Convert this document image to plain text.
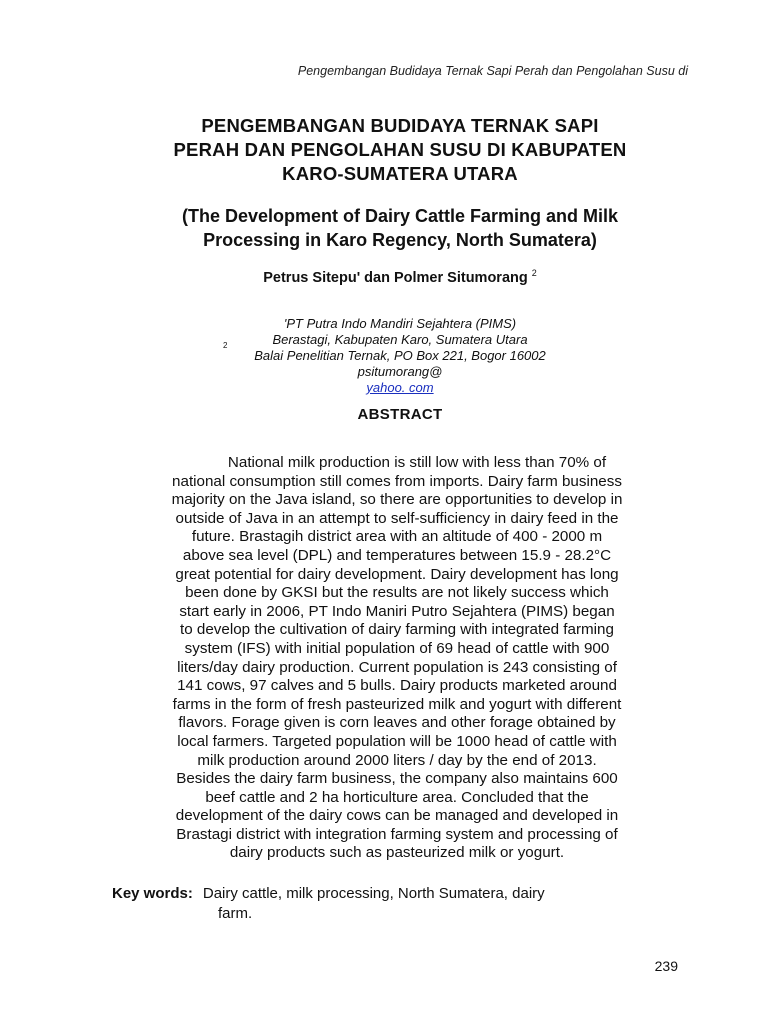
Pengembangan Budidaya Ternak Sapi Perah dan Pengolahan Susu di
PENGEMBANGAN BUDIDAYA TERNAK SAPI
PERAH DAN PENGOLAHAN SUSU DI KABUPATEN
KARO-SUMATERA UTARA
(The Development of Dairy Cattle Farming and Milk
Processing in Karo Regency, North Sumatera)
Petrus Sitepu' dan Polmer Situmorang $^2$
'PT Putra Indo Mandiri Sejahtera (PIMS)
Berastagi, Kabupaten Karo, Sumatera Utara
2
Balai Penelitian Ternak, PO Box 221, Bogor 16002
psitumorang@
yahoo. com
ABSTRACT
National milk production is still low with less than 70% of
national consumption still comes from imports. Dairy farm business
majority on the Java island, so there are opportunities to develop in
outside of Java in an attempt to self-sufficiency in dairy feed in the
future. Brastagih district area with an altitude of 400 - 2000 m
above sea level (DPL) and temperatures between 15.9 - 28.2°C
great potential for dairy development. Dairy development has long
been done by GKSI but the results are not likely success which
start early in 2006, PT Indo Maniri Putro Sejahtera (PIMS) began
to develop the cultivation of dairy farming with integrated farming
system (IFS) with initial population of 69 head of cattle with 900
liters/day dairy production. Current population is 243 consisting of
141 cows, 97 calves and 5 bulls. Dairy products marketed around
farms in the form of fresh pasteurized milk and yogurt with different
flavors. Forage given is corn leaves and other forage obtained by
local farmers. Targeted population will be 1000 head of cattle with
milk production around 2000 liters / day by the end of 2013.
Besides the dairy farm business, the company also maintains 600
beef cattle and 2 ha horticulture area. Concluded that the
development of the dairy cows can be managed and developed in
Brastagi district with integration farming system and processing of
dairy products such as pasteurized milk or yogurt.
Key words: Dairy cattle, milk processing, North Sumatera, dairy
farm.
239
